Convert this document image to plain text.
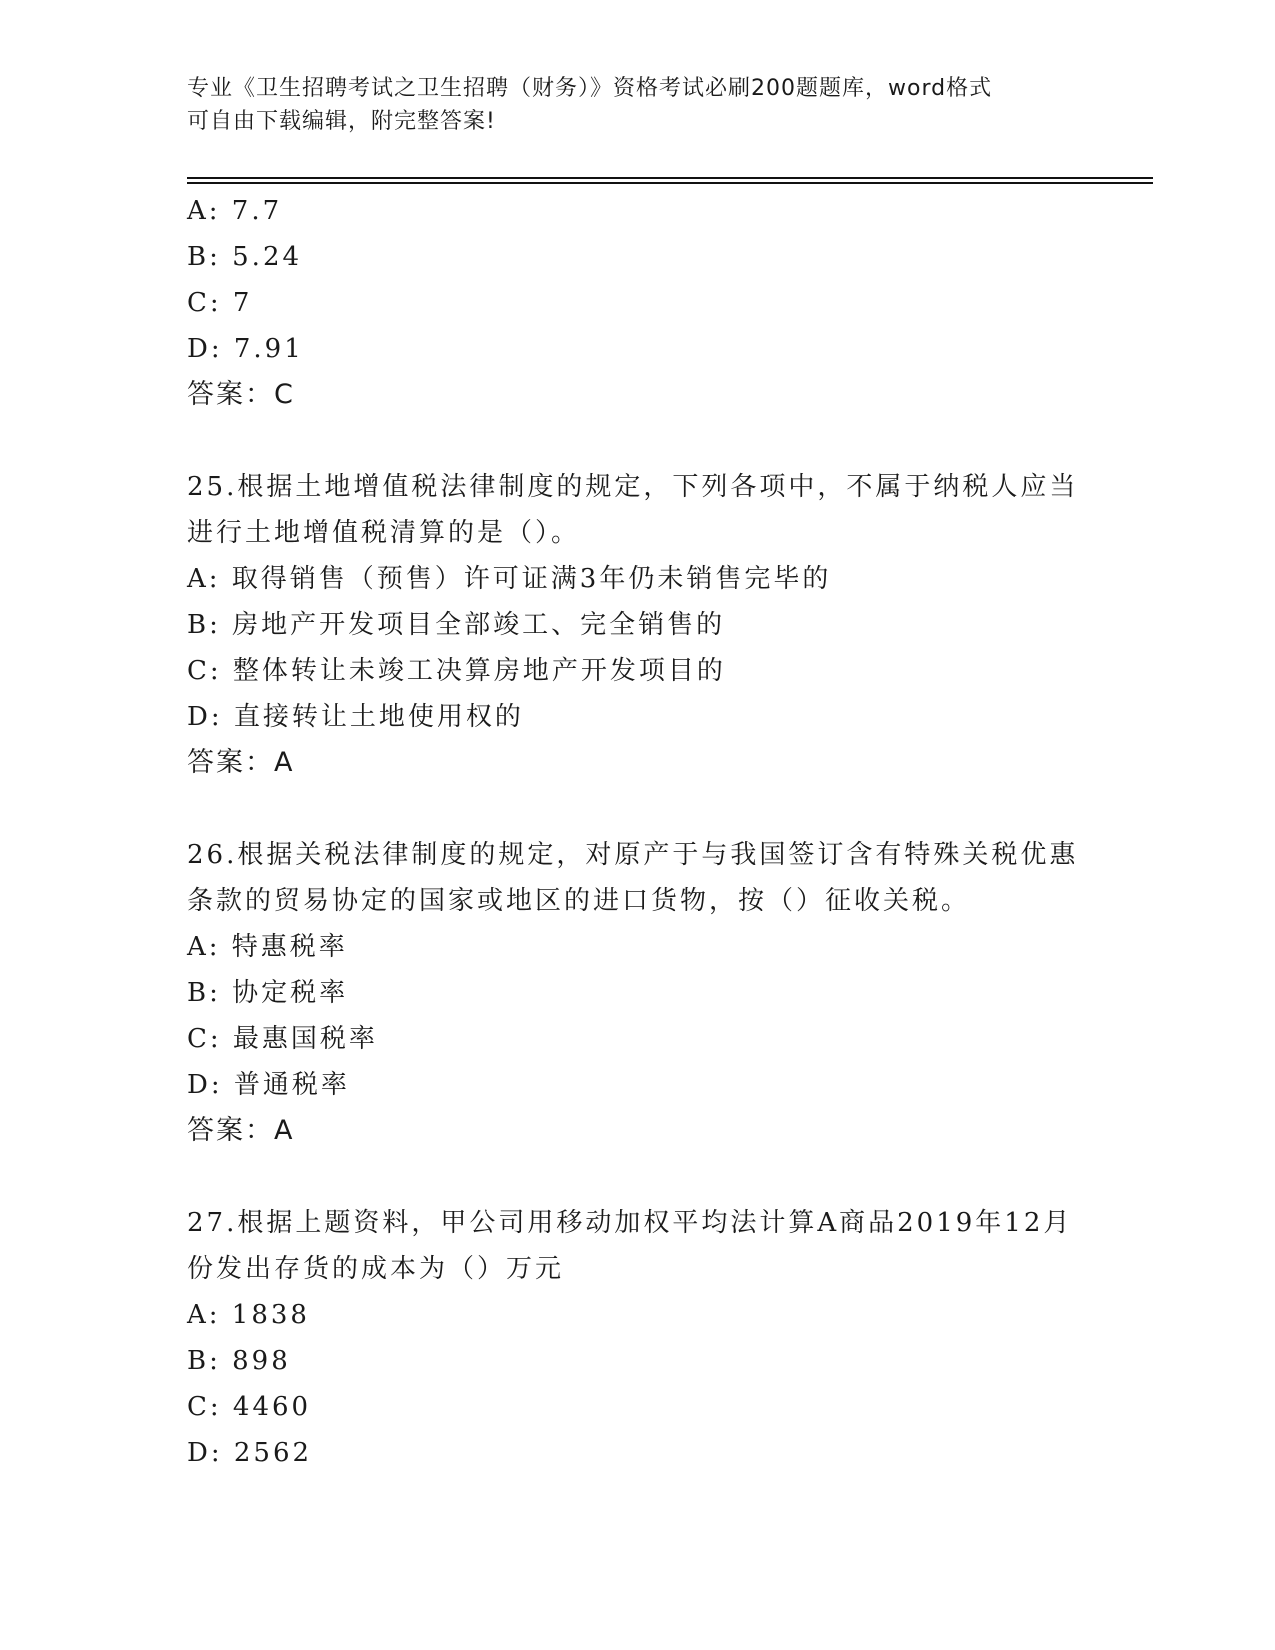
专业《卫生招聘考试之卫生招聘（财务）》资格考试必刷200题题库，word格式
可自由下载编辑，附完整答案!
A: 7.7
B: 5.24
C: 7
D: 7.91
答案：C
25.根据土地增值税法律制度的规定，下列各项中，不属于纳税人应当
进行土地增值税清算的是（）。
A: 取得销售（预售）许可证满3年仍未销售完毕的
B: 房地产开发项目全部竣工、完全销售的
C: 整体转让未竣工决算房地产开发项目的
D: 直接转让土地使用权的
答案：A
26.根据关税法律制度的规定，对原产于与我国签订含有特殊关税优惠
条款的贸易协定的国家或地区的进口货物，按（）征收关税。
A: 特惠税率
B: 协定税率
C: 最惠国税率
D: 普通税率
答案：A
27.根据上题资料，甲公司用移动加权平均法计算A商品2019年12月
份发出存货的成本为（）万元
A: 1838
B: 898
C: 4460
D: 2562
